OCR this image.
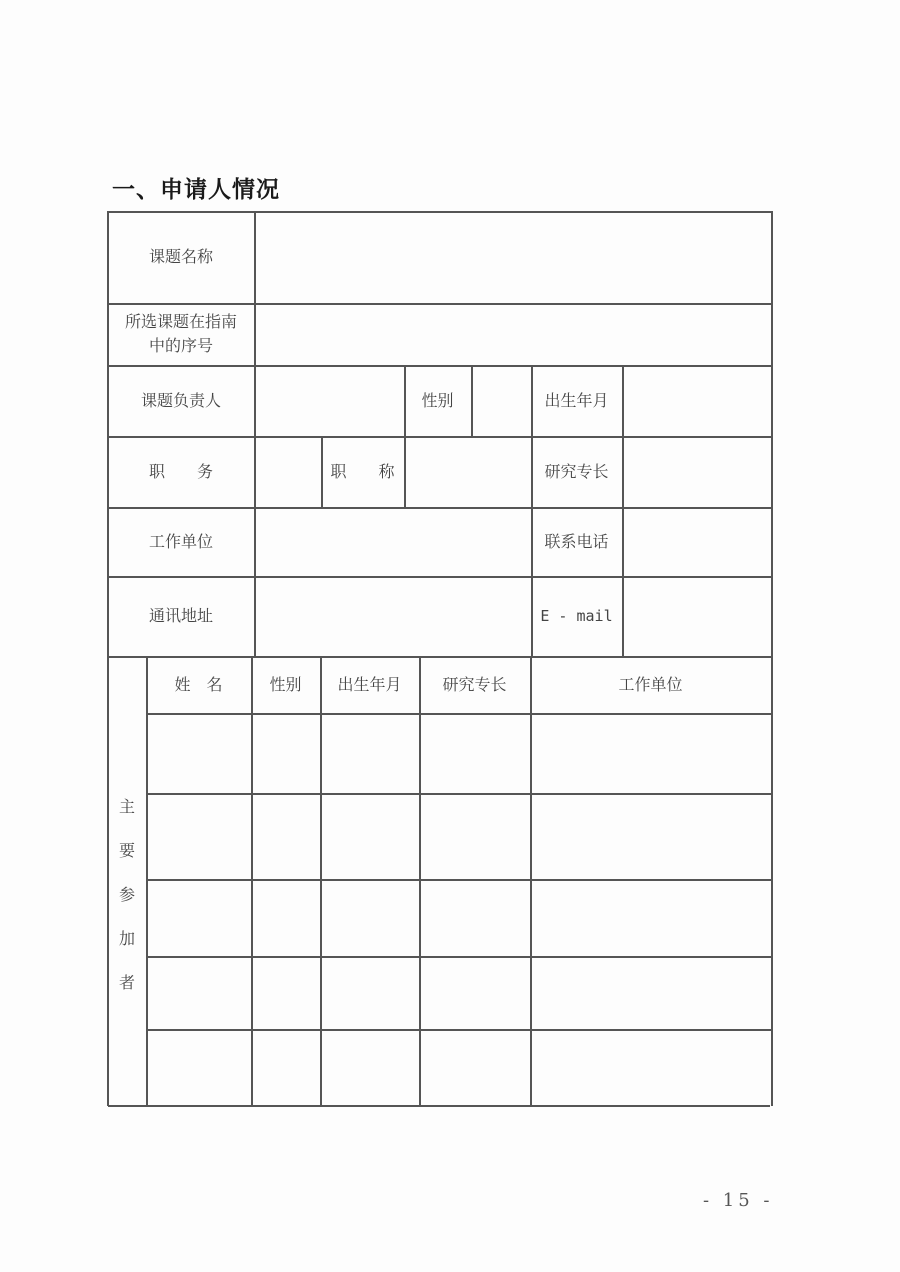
一、申请人情况
课题名称
所选课题在指南
中的序号
课题负责人	性别	出生年月
职　　务	职　　称	研究专长
工作单位	联系电话
通讯地址	E - mail
主
要
参
加
者
姓　名	性别	出生年月	研究专长	工作单位
- 15 -
